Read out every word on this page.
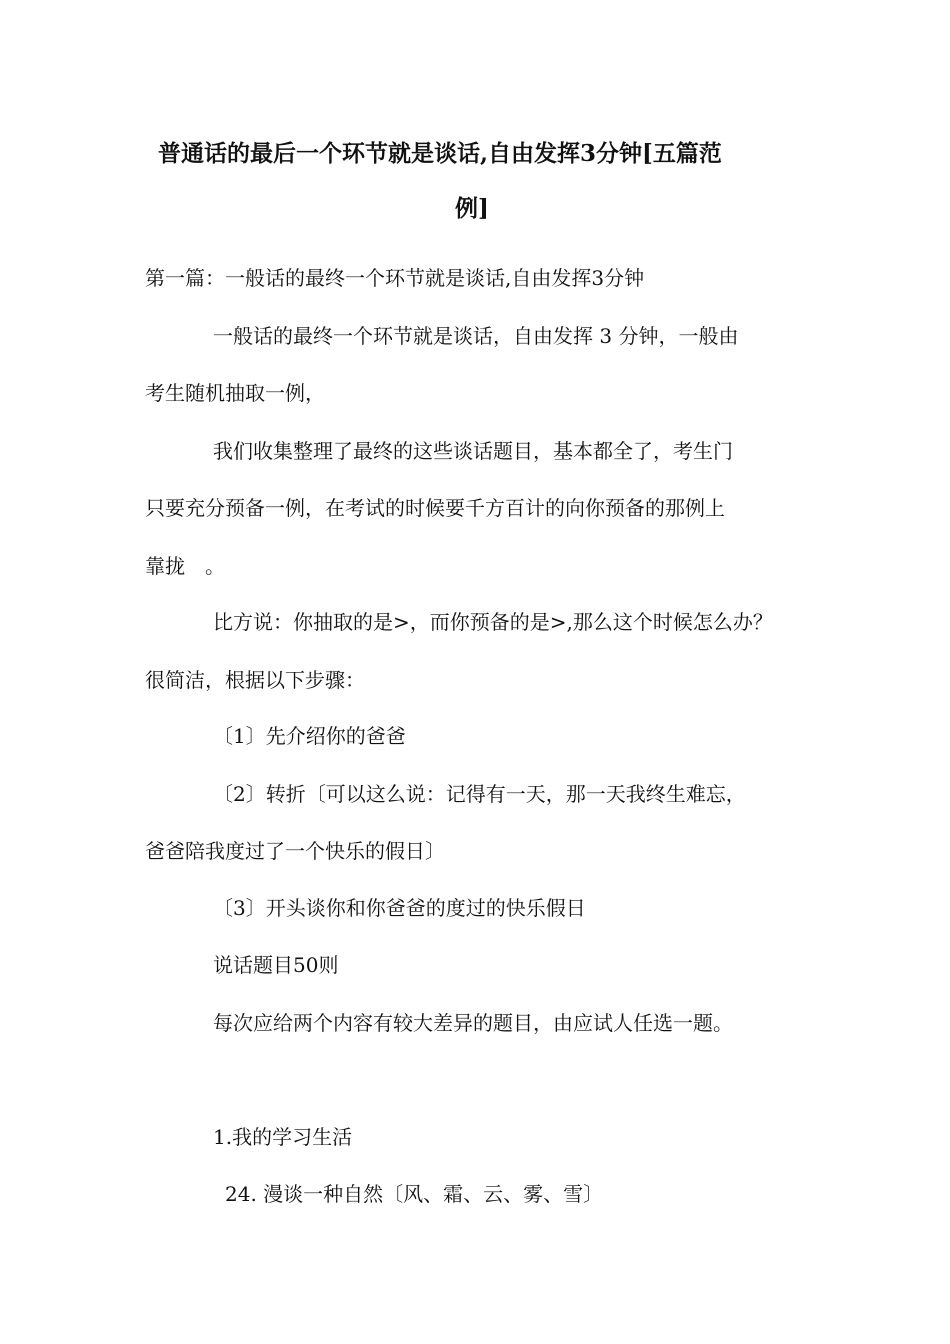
普通话的最后一个环节就是谈话,自由发挥3分钟[五篇范
例]
第一篇：一般话的最终一个环节就是谈话,自由发挥3分钟
一般话的最终一个环节就是谈话，自由发挥 3 分钟，一般由
考生随机抽取一例，
我们收集整理了最终的这些谈话题目，基本都全了，考生门
只要充分预备一例，在考试的时候要千方百计的向你预备的那例上
靠拢　。
比方说：你抽取的是>，而你预备的是>,那么这个时候怎么办？
很简洁，根据以下步骤：
〔1〕先介绍你的爸爸
〔2〕转折〔可以这么说：记得有一天，那一天我终生难忘，
爸爸陪我度过了一个快乐的假日〕
〔3〕开头谈你和你爸爸的度过的快乐假日
说话题目50则
每次应给两个内容有较大差异的题目，由应试人任选一题。
1.我的学习生活
24. 漫谈一种自然〔风、霜、云、雾、雪〕
